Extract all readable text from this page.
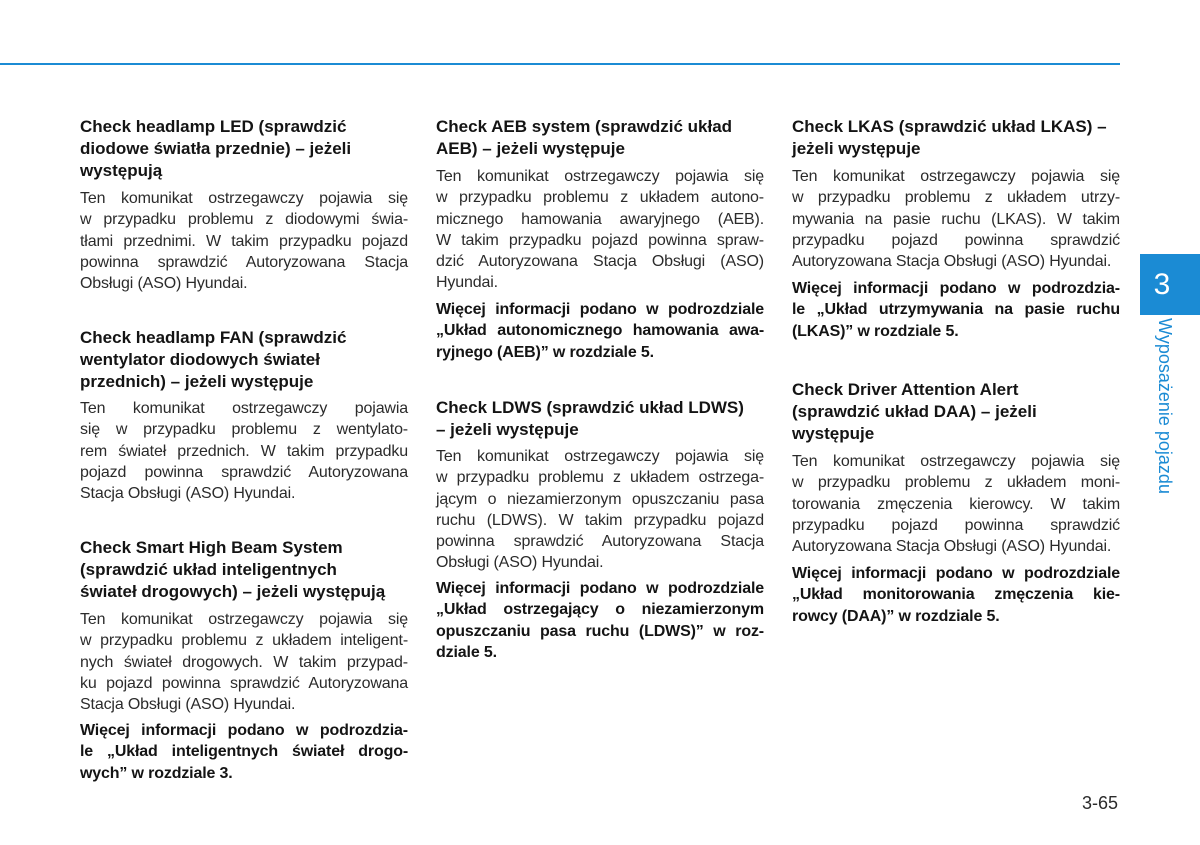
Check headlamp LED (sprawdzić
diodowe światła przednie) – jeżeli
występują
Ten komunikat ostrzegawczy pojawia się
w przypadku problemu z diodowymi świa-
tłami przednimi. W takim przypadku pojazd
powinna sprawdzić Autoryzowana Stacja
Obsługi (ASO) Hyundai.
Check headlamp FAN (sprawdzić
wentylator diodowych świateł
przednich) – jeżeli występuje
Ten komunikat ostrzegawczy pojawia
się w przypadku problemu z wentylato-
rem świateł przednich. W takim przypadku
pojazd powinna sprawdzić Autoryzowana
Stacja Obsługi (ASO) Hyundai.
Check Smart High Beam System
(sprawdzić układ inteligentnych
świateł drogowych) – jeżeli występują
Ten komunikat ostrzegawczy pojawia się
w przypadku problemu z układem inteligent-
nych świateł drogowych. W takim przypad-
ku pojazd powinna sprawdzić Autoryzowana
Stacja Obsługi (ASO) Hyundai.
Więcej informacji podano w podrozdzia-
le „Układ inteligentnych świateł drogo-
wych” w rozdziale 3.
Check AEB system (sprawdzić układ
AEB) – jeżeli występuje
Ten komunikat ostrzegawczy pojawia się
w przypadku problemu z układem autono-
micznego hamowania awaryjnego (AEB).
W takim przypadku pojazd powinna spraw-
dzić Autoryzowana Stacja Obsługi (ASO)
Hyundai.
Więcej informacji podano w podrozdziale
„Układ autonomicznego hamowania awa-
ryjnego (AEB)” w rozdziale 5.
Check LDWS (sprawdzić układ LDWS)
– jeżeli występuje
Ten komunikat ostrzegawczy pojawia się
w przypadku problemu z układem ostrzega-
jącym o niezamierzonym opuszczaniu pasa
ruchu (LDWS). W takim przypadku pojazd
powinna sprawdzić Autoryzowana Stacja
Obsługi (ASO) Hyundai.
Więcej informacji podano w podrozdziale
„Układ ostrzegający o niezamierzonym
opuszczaniu pasa ruchu (LDWS)” w roz-
dziale 5.
Check LKAS (sprawdzić układ LKAS) –
jeżeli występuje
Ten komunikat ostrzegawczy pojawia się
w przypadku problemu z układem utrzy-
mywania na pasie ruchu (LKAS). W takim
przypadku pojazd powinna sprawdzić
Autoryzowana Stacja Obsługi (ASO) Hyundai.
Więcej informacji podano w podrozdzia-
le „Układ utrzymywania na pasie ruchu
(LKAS)” w rozdziale 5.
Check Driver Attention Alert
(sprawdzić układ DAA) – jeżeli
występuje
Ten komunikat ostrzegawczy pojawia się
w przypadku problemu z układem moni-
torowania zmęczenia kierowcy. W takim
przypadku pojazd powinna sprawdzić
Autoryzowana Stacja Obsługi (ASO) Hyundai.
Więcej informacji podano w podrozdziale
„Układ monitorowania zmęczenia kie-
rowcy (DAA)” w rozdziale 5.
3
Wyposażenie pojazdu
3-65
